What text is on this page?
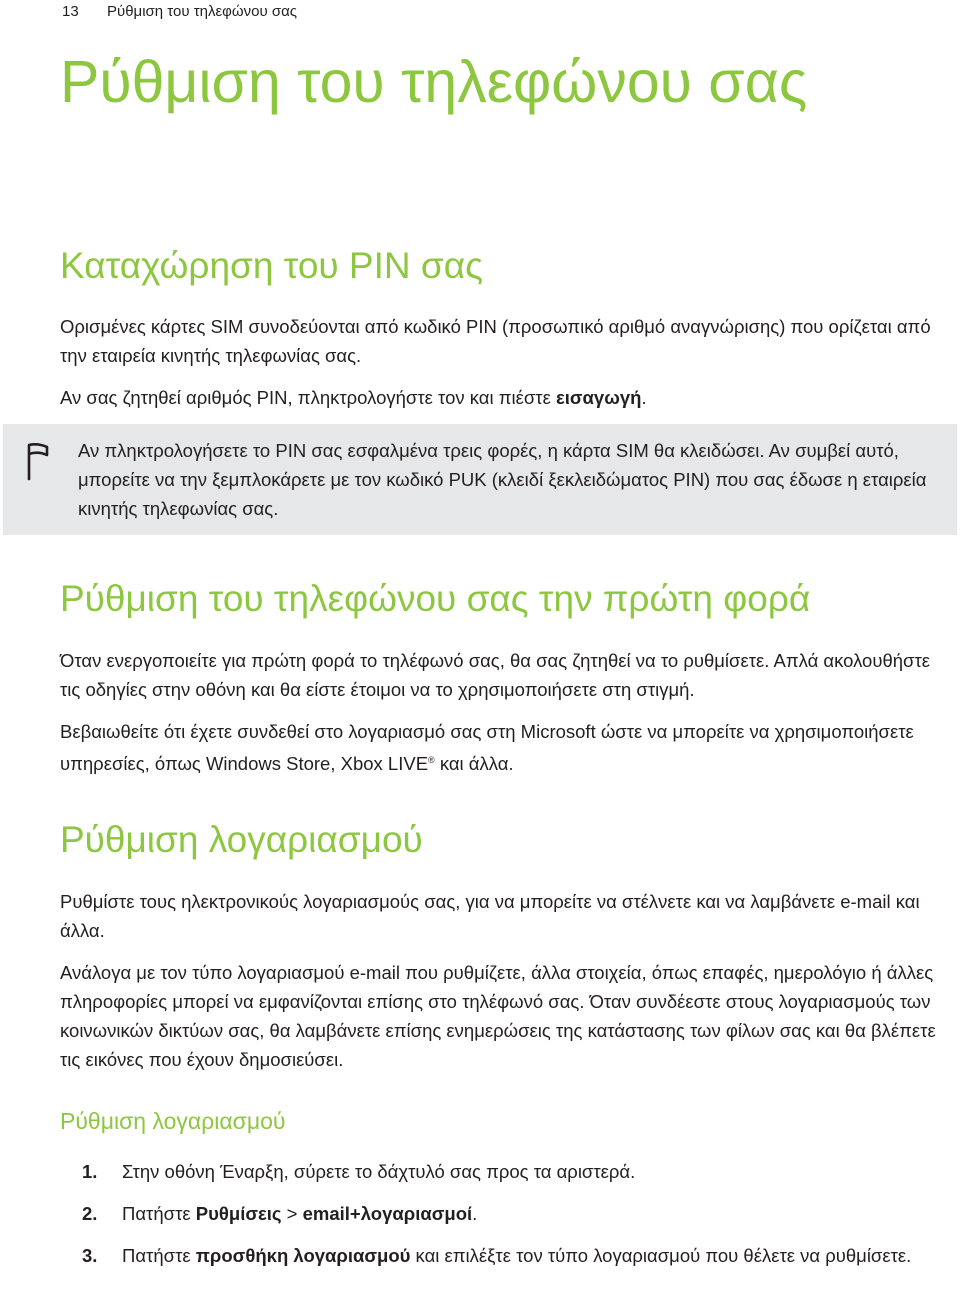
13 Ρύθμιση του τηλεφώνου σας
Ρύθμιση του τηλεφώνου σας
Καταχώρηση του PIN σας

Ορισμένες κάρτες SIM συνοδεύονται από κωδικό PIN (προσωπικό αριθμό αναγνώρισης) που ορίζεται από την εταιρεία κινητής τηλεφωνίας σας.

Αν σας ζητηθεί αριθμός PIN, πληκτρολογήστε τον και πιέστε εισαγωγή.

Αν πληκτρολογήσετε το PIN σας εσφαλμένα τρεις φορές, η κάρτα SIM θα κλειδώσει. Αν συμβεί αυτό, μπορείτε να την ξεμπλοκάρετε με τον κωδικό PUK (κλειδί ξεκλειδώματος PIN) που σας έδωσε η εταιρεία κινητής τηλεφωνίας σας.

Ρύθμιση του τηλεφώνου σας την πρώτη φορά

Όταν ενεργοποιείτε για πρώτη φορά το τηλέφωνό σας, θα σας ζητηθεί να το ρυθμίσετε. Απλά ακολουθήστε τις οδηγίες στην οθόνη και θα είστε έτοιμοι να το χρησιμοποιήσετε στη στιγμή.

Βεβαιωθείτε ότι έχετε συνδεθεί στο λογαριασμό σας στη Microsoft ώστε να μπορείτε να χρησιμοποιήσετε υπηρεσίες, όπως Windows Store, Xbox LIVE® και άλλα.

Ρύθμιση λογαριασμού

Ρυθμίστε τους ηλεκτρονικούς λογαριασμούς σας, για να μπορείτε να στέλνετε και να λαμβάνετε e-mail και άλλα.

Ανάλογα με τον τύπο λογαριασμού e-mail που ρυθμίζετε, άλλα στοιχεία, όπως επαφές, ημερολόγιο ή άλλες πληροφορίες μπορεί να εμφανίζονται επίσης στο τηλέφωνό σας. Όταν συνδέεστε στους λογαριασμούς των κοινωνικών δικτύων σας, θα λαμβάνετε επίσης ενημερώσεις της κατάστασης των φίλων σας και θα βλέπετε τις εικόνες που έχουν δημοσιεύσει.

Ρύθμιση λογαριασμού
1. Στην οθόνη Έναρξη, σύρετε το δάχτυλό σας προς τα αριστερά.
2. Πατήστε Ρυθμίσεις > email+λογαριασμοί.
3. Πατήστε προσθήκη λογαριασμού και επιλέξτε τον τύπο λογαριασμού που θέλετε να ρυθμίσετε.
